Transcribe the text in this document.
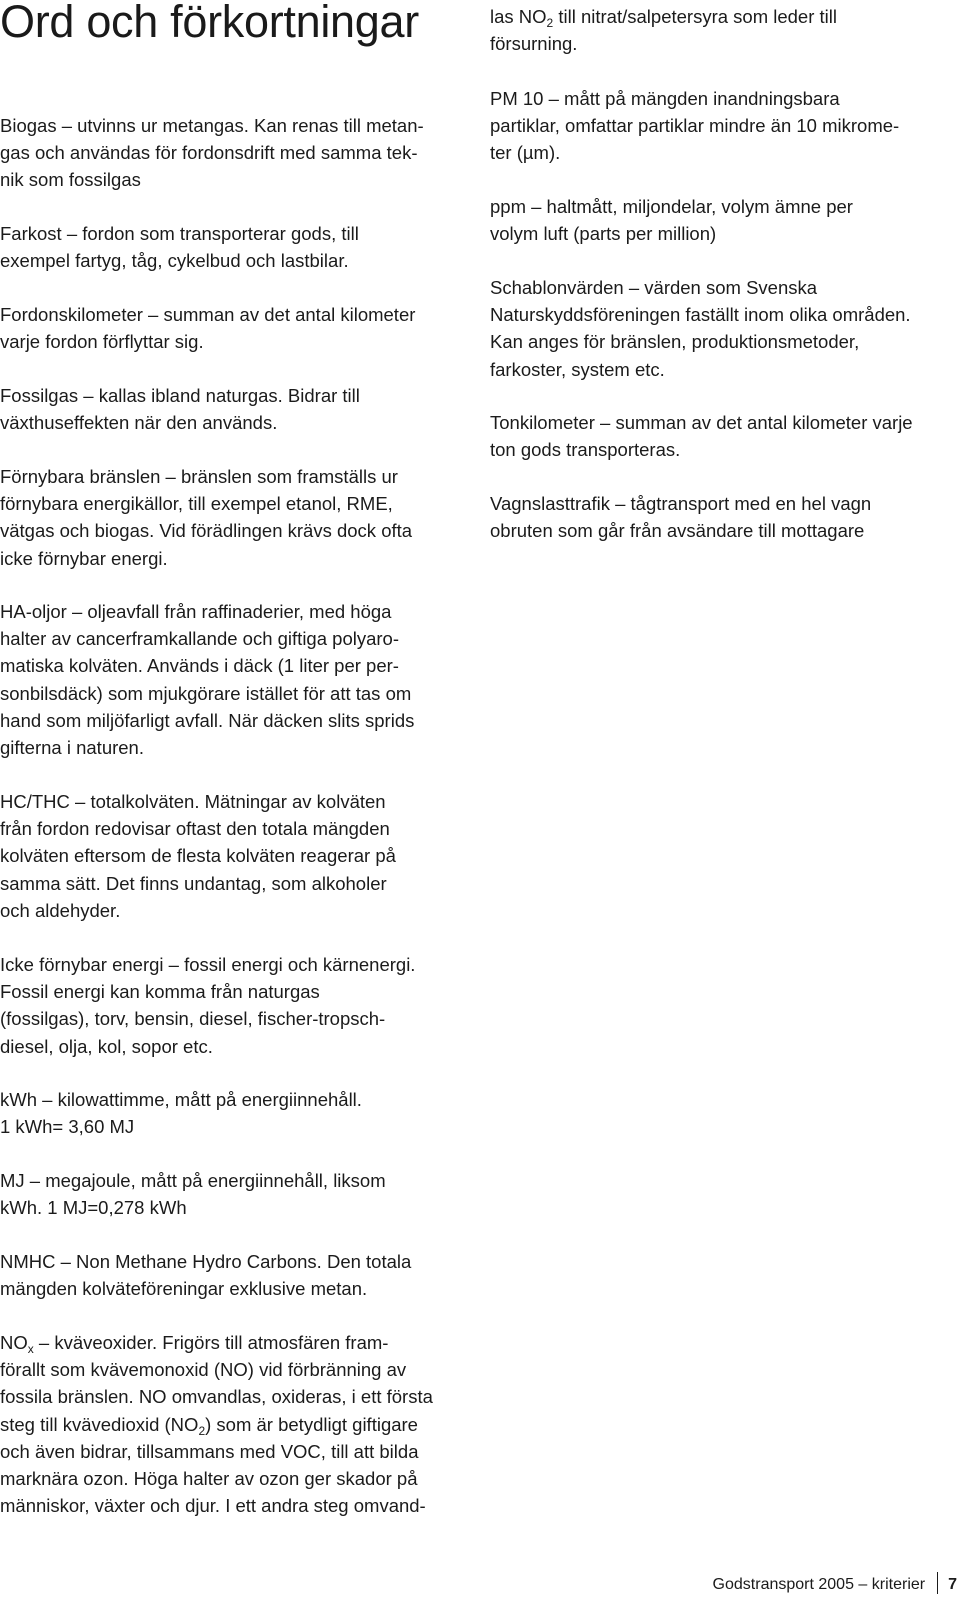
Ord och förkortningar

Biogas – utvinns ur metangas. Kan renas till metan-
gas och användas för fordonsdrift med samma tek-
nik som fossilgas

Farkost – fordon som transporterar gods, till
exempel fartyg, tåg, cykelbud och lastbilar.

Fordonskilometer – summan av det antal kilometer
varje fordon förflyttar sig.

Fossilgas – kallas ibland naturgas. Bidrar till
växthuseffekten när den används.

Förnybara bränslen – bränslen som framställs ur
förnybara energikällor, till exempel etanol, RME,
vätgas och biogas. Vid förädlingen krävs dock ofta
icke förnybar energi.

HA-oljor – oljeavfall från raffinaderier, med höga
halter av cancerframkallande och giftiga polyaro-
matiska kolväten. Används i däck (1 liter per per-
sonbilsdäck) som mjukgörare istället för att tas om
hand som miljöfarligt avfall. När däcken slits sprids
gifterna i naturen.

HC/THC – totalkolväten. Mätningar av kolväten
från fordon redovisar oftast den totala mängden
kolväten eftersom de flesta kolväten reagerar på
samma sätt. Det finns undantag, som alkoholer
och aldehyder.

Icke förnybar energi – fossil energi och kärnenergi.
Fossil energi kan komma från naturgas
(fossilgas), torv, bensin, diesel, fischer-tropsch-
diesel, olja, kol, sopor etc.

kWh – kilowattimme, mått på energiinnehåll.
1 kWh= 3,60 MJ

MJ – megajoule, mått på energiinnehåll, liksom
kWh. 1 MJ=0,278 kWh

NMHC – Non Methane Hydro Carbons. Den totala
mängden kolväteföreningar exklusive metan.

$NO_x$ – kväveoxider. Frigörs till atmosfären fram-
förallt som kvävemonoxid (NO) vid förbränning av
fossila bränslen. NO omvandlas, oxideras, i ett första
steg till kvävedioxid $(NO_2)$ som är betydligt giftigare
och även bidrar, tillsammans med VOC, till att bilda
marknära ozon. Höga halter av ozon ger skador på
människor, växter och djur. I ett andra steg omvand-

las $NO_2$ till nitrat/salpetersyra som leder till
försurning.

PM 10 – mått på mängden inandningsbara
partiklar, omfattar partiklar mindre än 10 mikrome-
ter (µm).

ppm – haltmått, miljondelar, volym ämne per
volym luft (parts per million)

Schablonvärden – värden som Svenska
Naturskyddsföreningen faställt inom olika områden.
Kan anges för bränslen, produktionsmetoder,
farkoster, system etc.

Tonkilometer – summan av det antal kilometer varje
ton gods transporteras.

Vagnslasttrafik – tågtransport med en hel vagn
obruten som går från avsändare till mottagare

Godstransport 2005 – kriterier 7
